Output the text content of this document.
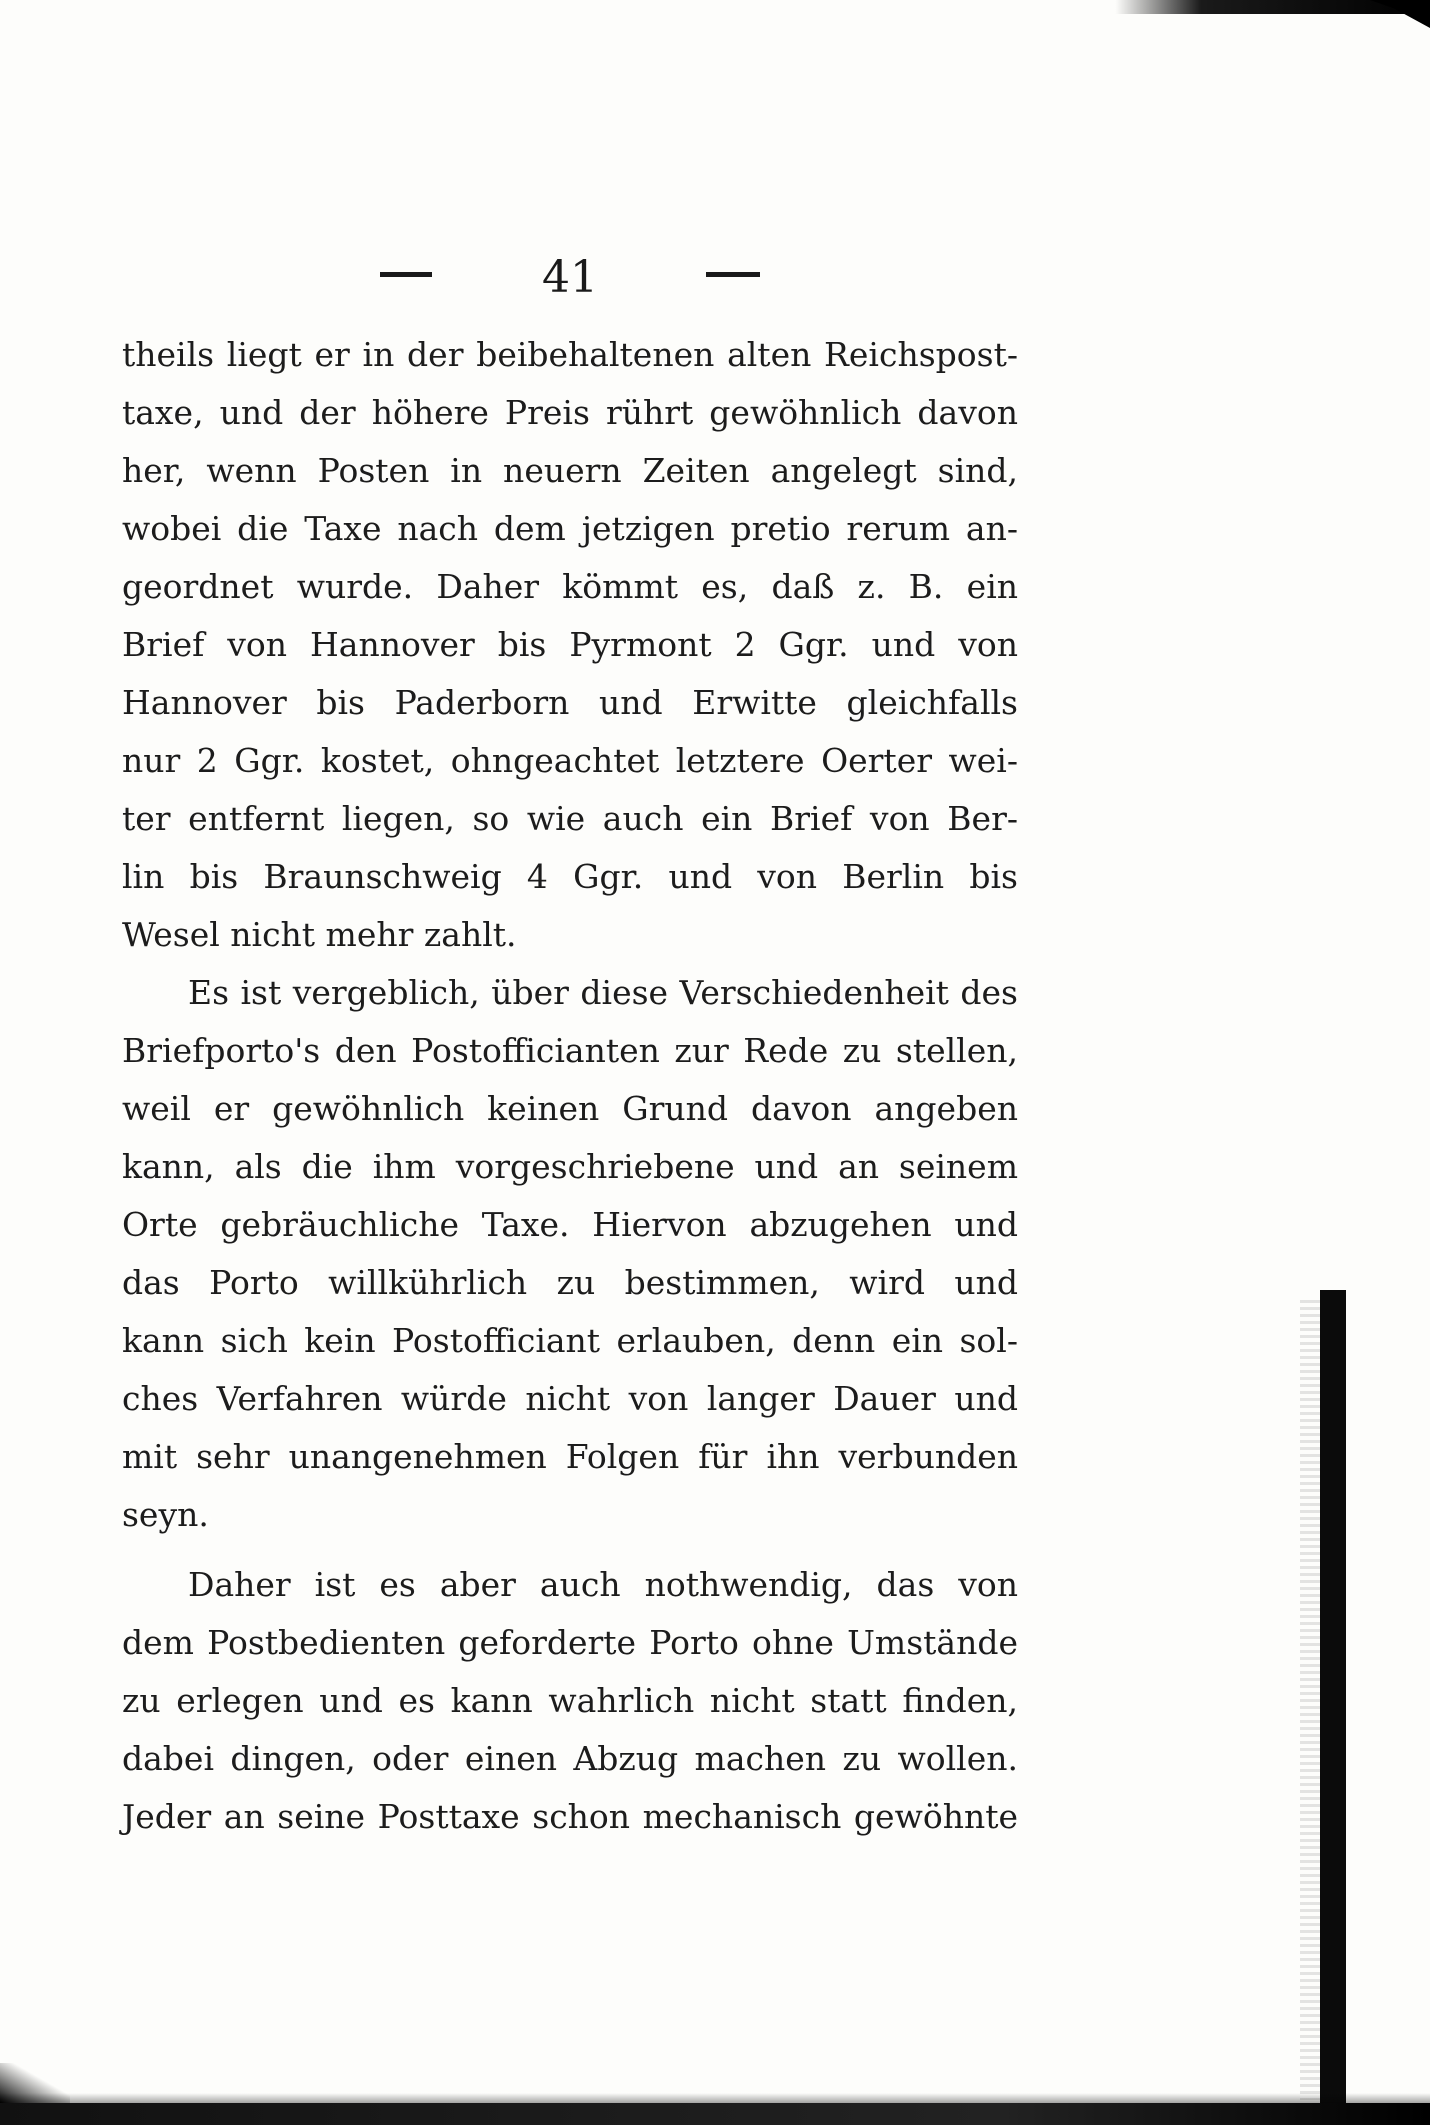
41
theils liegt er in der beibehaltenen alten Reichspost-
taxe, und der höhere Preis rührt gewöhnlich davon
her, wenn Posten in neuern Zeiten angelegt sind,
wobei die Taxe nach dem jetzigen pretio rerum an-
geordnet wurde. Daher kömmt es, daß z. B. ein
Brief von Hannover bis Pyrmont 2 Ggr. und von
Hannover bis Paderborn und Erwitte gleichfalls
nur 2 Ggr. kostet, ohngeachtet letztere Oerter wei-
ter entfernt liegen, so wie auch ein Brief von Ber-
lin bis Braunschweig 4 Ggr. und von Berlin bis
Wesel nicht mehr zahlt.
Es ist vergeblich, über diese Verschiedenheit des
Briefporto's den Postofficianten zur Rede zu stellen,
weil er gewöhnlich keinen Grund davon angeben
kann, als die ihm vorgeschriebene und an seinem
Orte gebräuchliche Taxe. Hiervon abzugehen und
das Porto willkührlich zu bestimmen, wird und
kann sich kein Postofficiant erlauben, denn ein sol-
ches Verfahren würde nicht von langer Dauer und
mit sehr unangenehmen Folgen für ihn verbunden
seyn.
Daher ist es aber auch nothwendig, das von
dem Postbedienten geforderte Porto ohne Umstände
zu erlegen und es kann wahrlich nicht statt finden,
dabei dingen, oder einen Abzug machen zu wollen.
Jeder an seine Posttaxe schon mechanisch gewöhnte
